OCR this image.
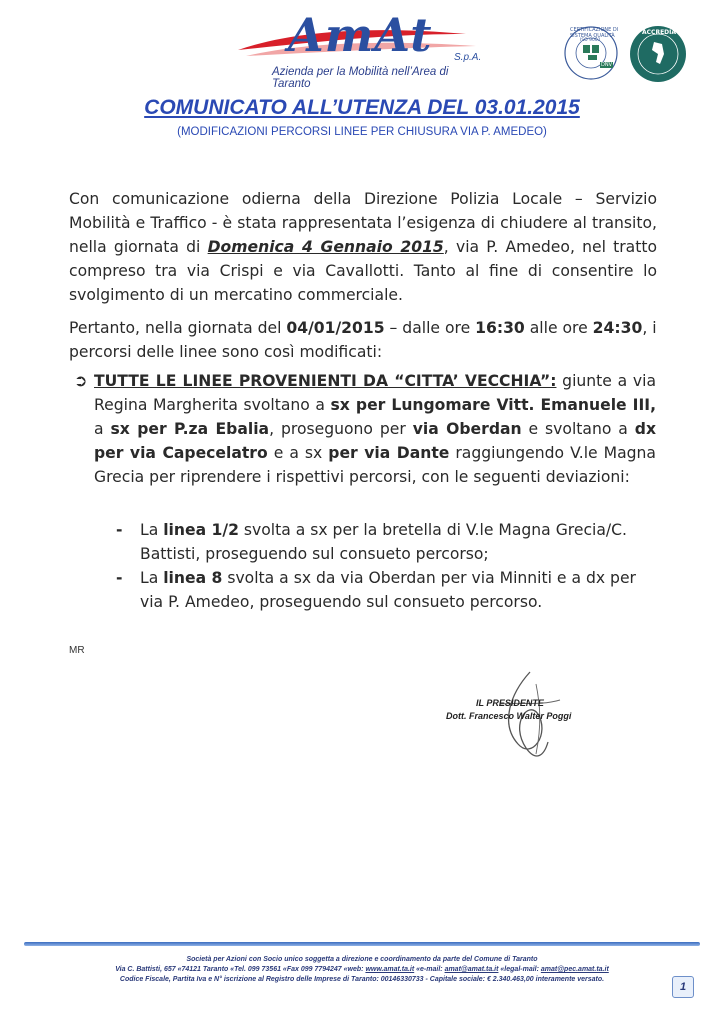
AmAt S.p.A.
Azienda per la Mobilità nell’Area di Taranto
CERTIFICAZIONE DI SISTEMA QUALITÀ
ISO 9001
DNV
ACCREDIA
COMUNICATO ALL’UTENZA DEL 03.01.2015
(MODIFICAZIONI PERCORSI LINEE PER CHIUSURA VIA P. AMEDEO)
Con comunicazione odierna della Direzione Polizia Locale – Servizio Mobilità e Traffico - è stata rappresentata l’esigenza di chiudere al transito, nella giornata di Domenica 4 Gennaio 2015, via P. Amedeo, nel tratto compreso tra via Crispi e via Cavallotti. Tanto al fine di consentire lo svolgimento di un mercatino commerciale.
Pertanto, nella giornata del 04/01/2015 – dalle ore 16:30 alle ore 24:30, i percorsi delle linee sono così modificati:
➲ TUTTE LE LINEE PROVENIENTI DA “CITTA’ VECCHIA”: giunte a via Regina Margherita svoltano a sx per Lungomare Vitt. Emanuele III, a sx per P.za Ebalia, proseguono per via Oberdan e svoltano a dx per via Capecelatro e a sx per via Dante raggiungendo V.le Magna Grecia per riprendere i rispettivi percorsi, con le seguenti deviazioni:
- La linea 1/2 svolta a sx per la bretella di V.le Magna Grecia/C. Battisti, proseguendo sul consueto percorso;
- La linea 8 svolta a sx da via Oberdan per via Minniti e a dx per via P. Amedeo, proseguendo sul consueto percorso.
MR
IL PRESIDENTE
Dott. Francesco Walter Poggi
Società per Azioni con Socio unico soggetta a direzione e coordinamento da parte del Comune di Taranto
Via C. Battisti, 657 «74121 Taranto «Tel. 099 73561 «Fax 099 7794247 «web: www.amat.ta.it «e-mail: amat@amat.ta.it «legal-mail: amat@pec.amat.ta.it
Codice Fiscale, Partita Iva e N° iscrizione al Registro delle Imprese di Taranto: 00146330733 - Capitale sociale: € 2.340.463,00 interamente versato.
1
